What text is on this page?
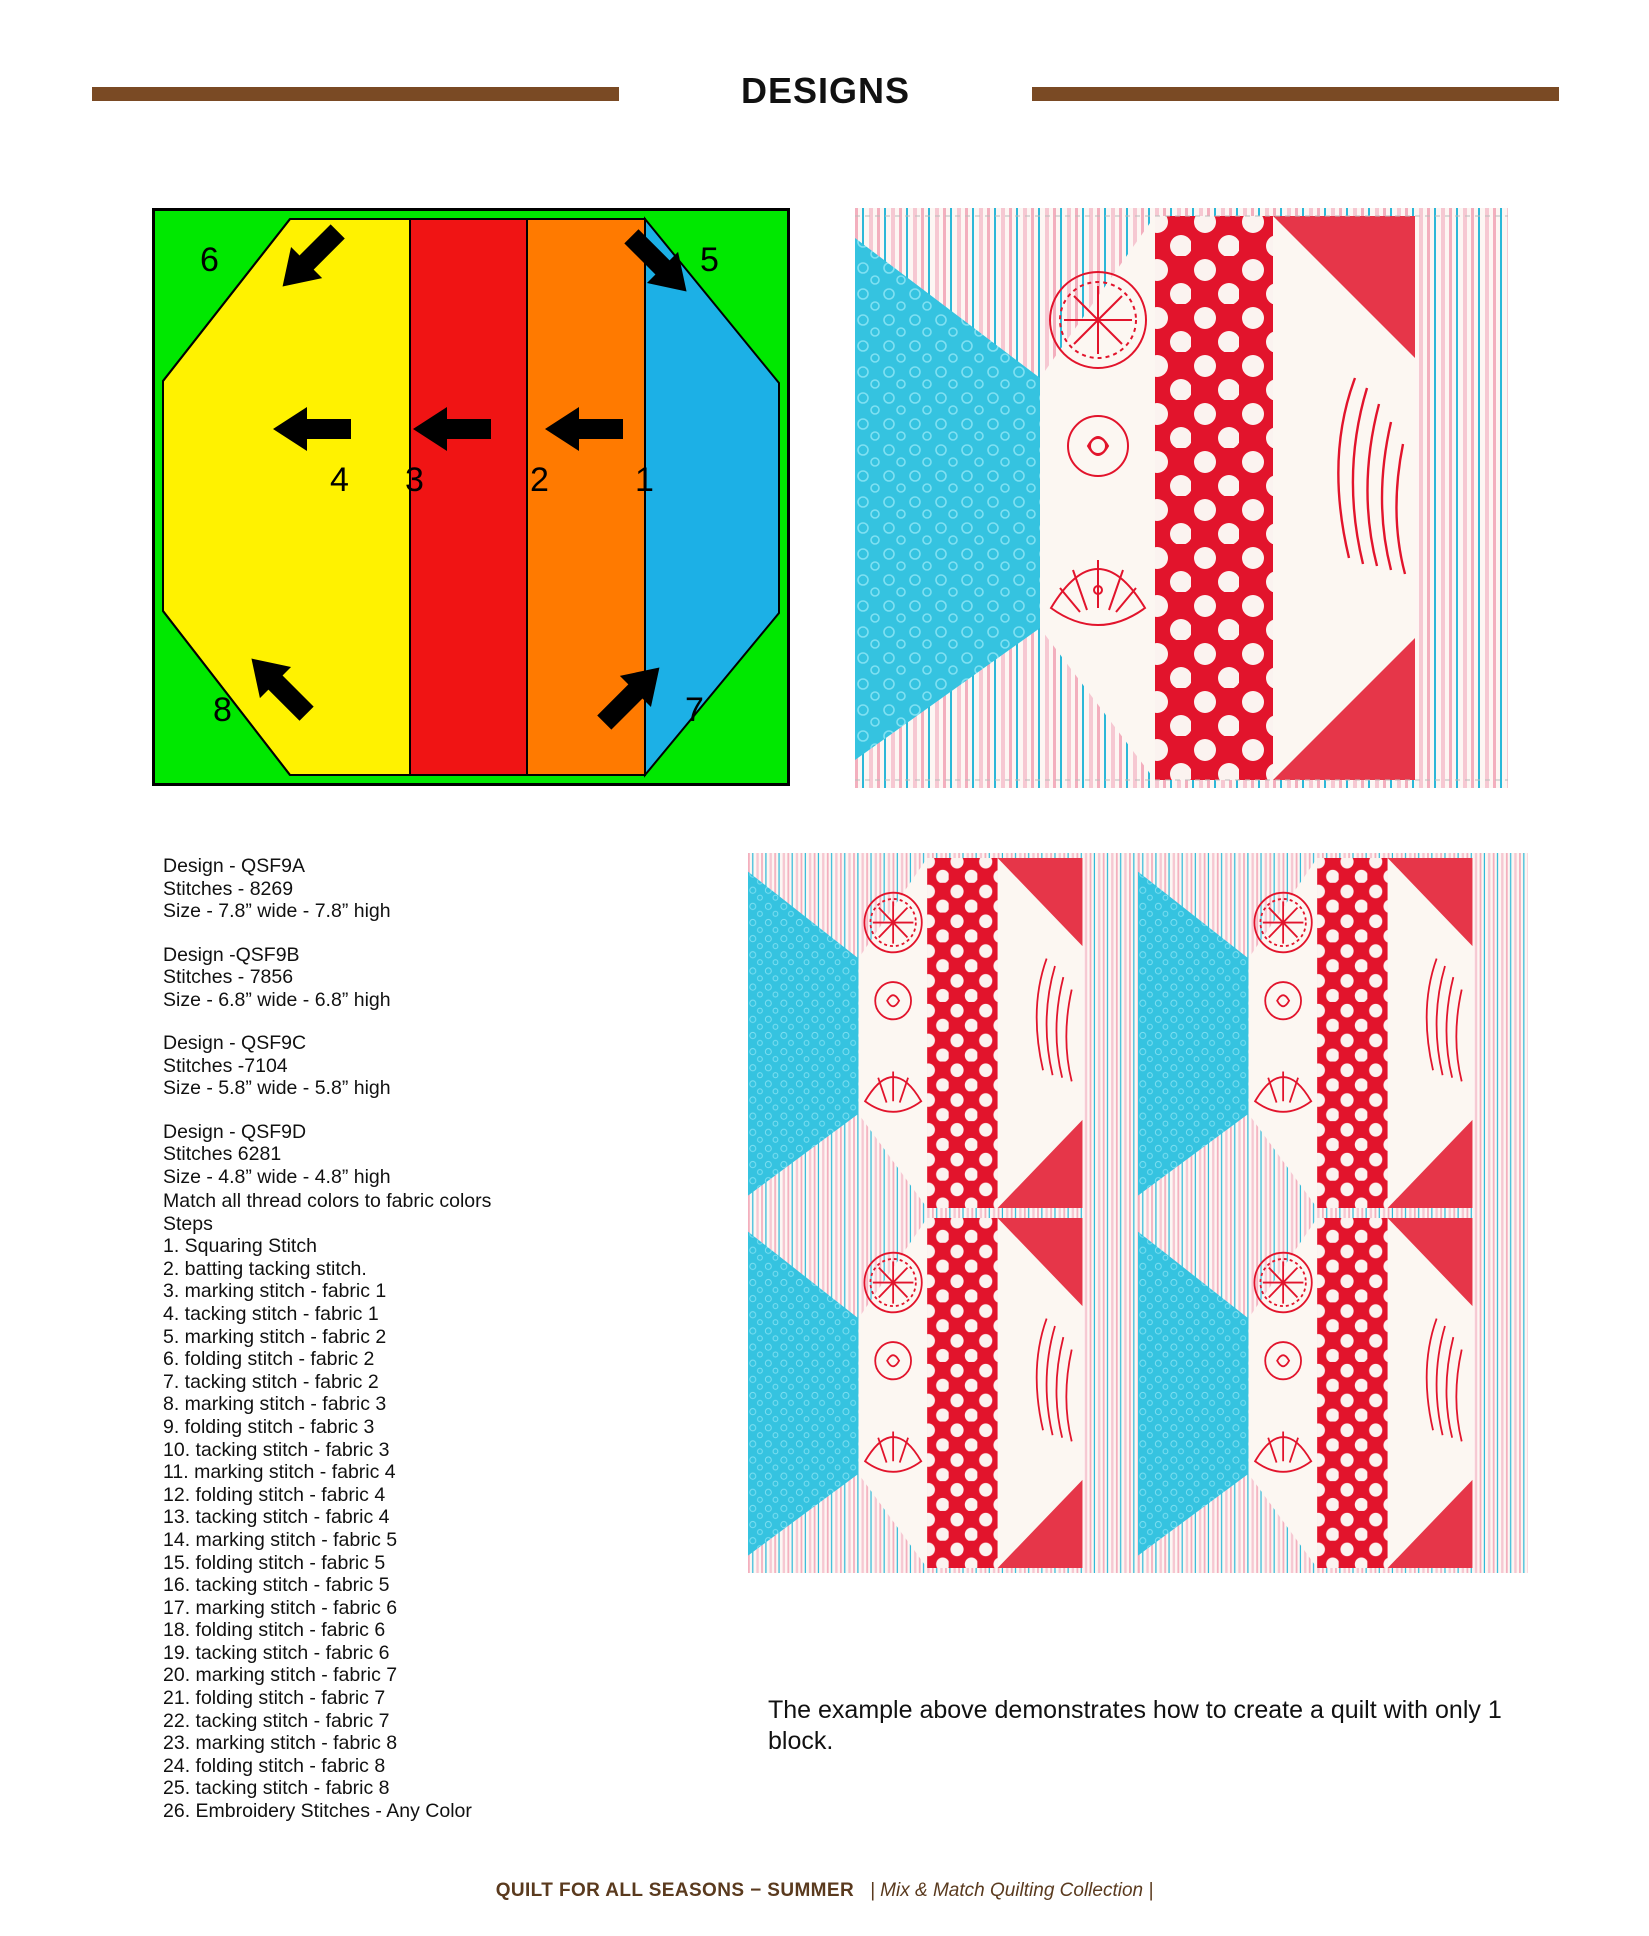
DESIGNS
6	5
4 3	2	1
8	7
Design - QSF9A
Stitches - 8269
Size - 7.8” wide - 7.8” high
Design -QSF9B
Stitches - 7856
Size - 6.8” wide - 6.8” high
Design - QSF9C
Stitches -7104
Size - 5.8” wide - 5.8” high
Design - QSF9D
Stitches 6281
Size - 4.8” wide - 4.8” high
Match all thread colors to fabric colors
Steps
1. Squaring Stitch
2. batting tacking stitch.
3. marking stitch - fabric 1
4. tacking stitch - fabric 1
5. marking stitch - fabric 2
6. folding stitch - fabric 2
7. tacking stitch - fabric 2
8. marking stitch - fabric 3
9. folding stitch - fabric 3
10. tacking stitch - fabric 3
11. marking stitch - fabric 4
12. folding stitch - fabric 4
13. tacking stitch - fabric 4
14. marking stitch - fabric 5
15. folding stitch - fabric 5
16. tacking stitch - fabric 5
17. marking stitch - fabric 6
18. folding stitch - fabric 6
19. tacking stitch - fabric 6
20. marking stitch - fabric 7
21. folding stitch - fabric 7
22. tacking stitch - fabric 7
23. marking stitch - fabric 8
24. folding stitch - fabric 8
25. tacking stitch - fabric 8
26. Embroidery Stitches - Any Color
The example above demonstrates how to create a quilt with only 1 block.
QUILT FOR ALL SEASONS − SUMMER | Mix & Match Quilting Collection |
